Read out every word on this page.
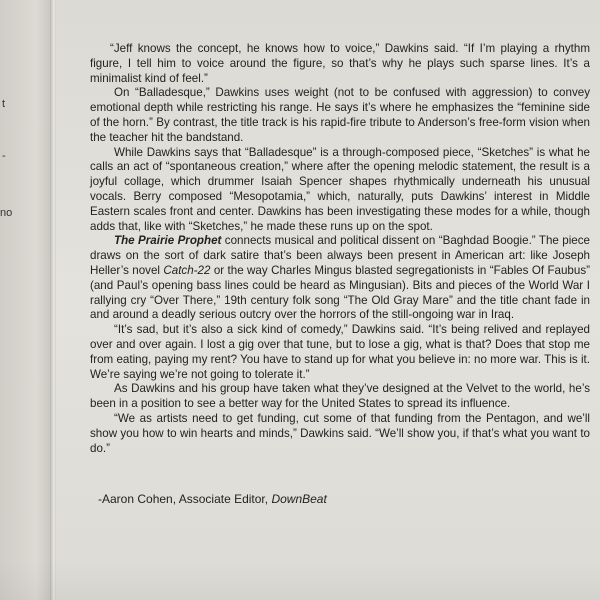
t
-
no

“Jeff knows the concept, he knows how to voice,” Dawkins said. “If I’m playing a rhythm figure, I tell him to voice around the figure, so that’s why he plays such sparse lines. It’s a minimalist kind of feel.”

On “Balladesque,” Dawkins uses weight (not to be confused with aggression) to convey emotional depth while restricting his range. He says it’s where he emphasizes the “feminine side of the horn.” By contrast, the title track is his rapid-fire tribute to Anderson’s free-form vision when the teacher hit the bandstand.

While Dawkins says that “Balladesque” is a through-composed piece, “Sketches” is what he calls an act of “spontaneous creation,” where after the opening melodic statement, the result is a joyful collage, which drummer Isaiah Spencer shapes rhythmically underneath his unusual vocals. Berry composed “Mesopotamia,” which, naturally, puts Dawkins’ interest in Middle Eastern scales front and center. Dawkins has been investigating these modes for a while, though adds that, like with “Sketches,” he made these runs up on the spot.

The Prairie Prophet connects musical and political dissent on “Baghdad Boogie.” The piece draws on the sort of dark satire that’s been always been present in American art: like Joseph Heller’s novel Catch-22 or the way Charles Mingus blasted segregationists in “Fables Of Faubus” (and Paul’s opening bass lines could be heard as Mingusian). Bits and pieces of the World War I rallying cry “Over There,” 19th century folk song “The Old Gray Mare” and the title chant fade in and around a deadly serious outcry over the horrors of the still-ongoing war in Iraq.

“It’s sad, but it’s also a sick kind of comedy,” Dawkins said. “It’s being relived and replayed over and over again. I lost a gig over that tune, but to lose a gig, what is that? Does that stop me from eating, paying my rent? You have to stand up for what you believe in: no more war. This is it. We’re saying we’re not going to tolerate it.”

As Dawkins and his group have taken what they’ve designed at the Velvet to the world, he’s been in a position to see a better way for the United States to spread its influence.

“We as artists need to get funding, cut some of that funding from the Pentagon, and we’ll show you how to win hearts and minds,” Dawkins said. “We’ll show you, if that’s what you want to do.”

-Aaron Cohen, Associate Editor, DownBeat
